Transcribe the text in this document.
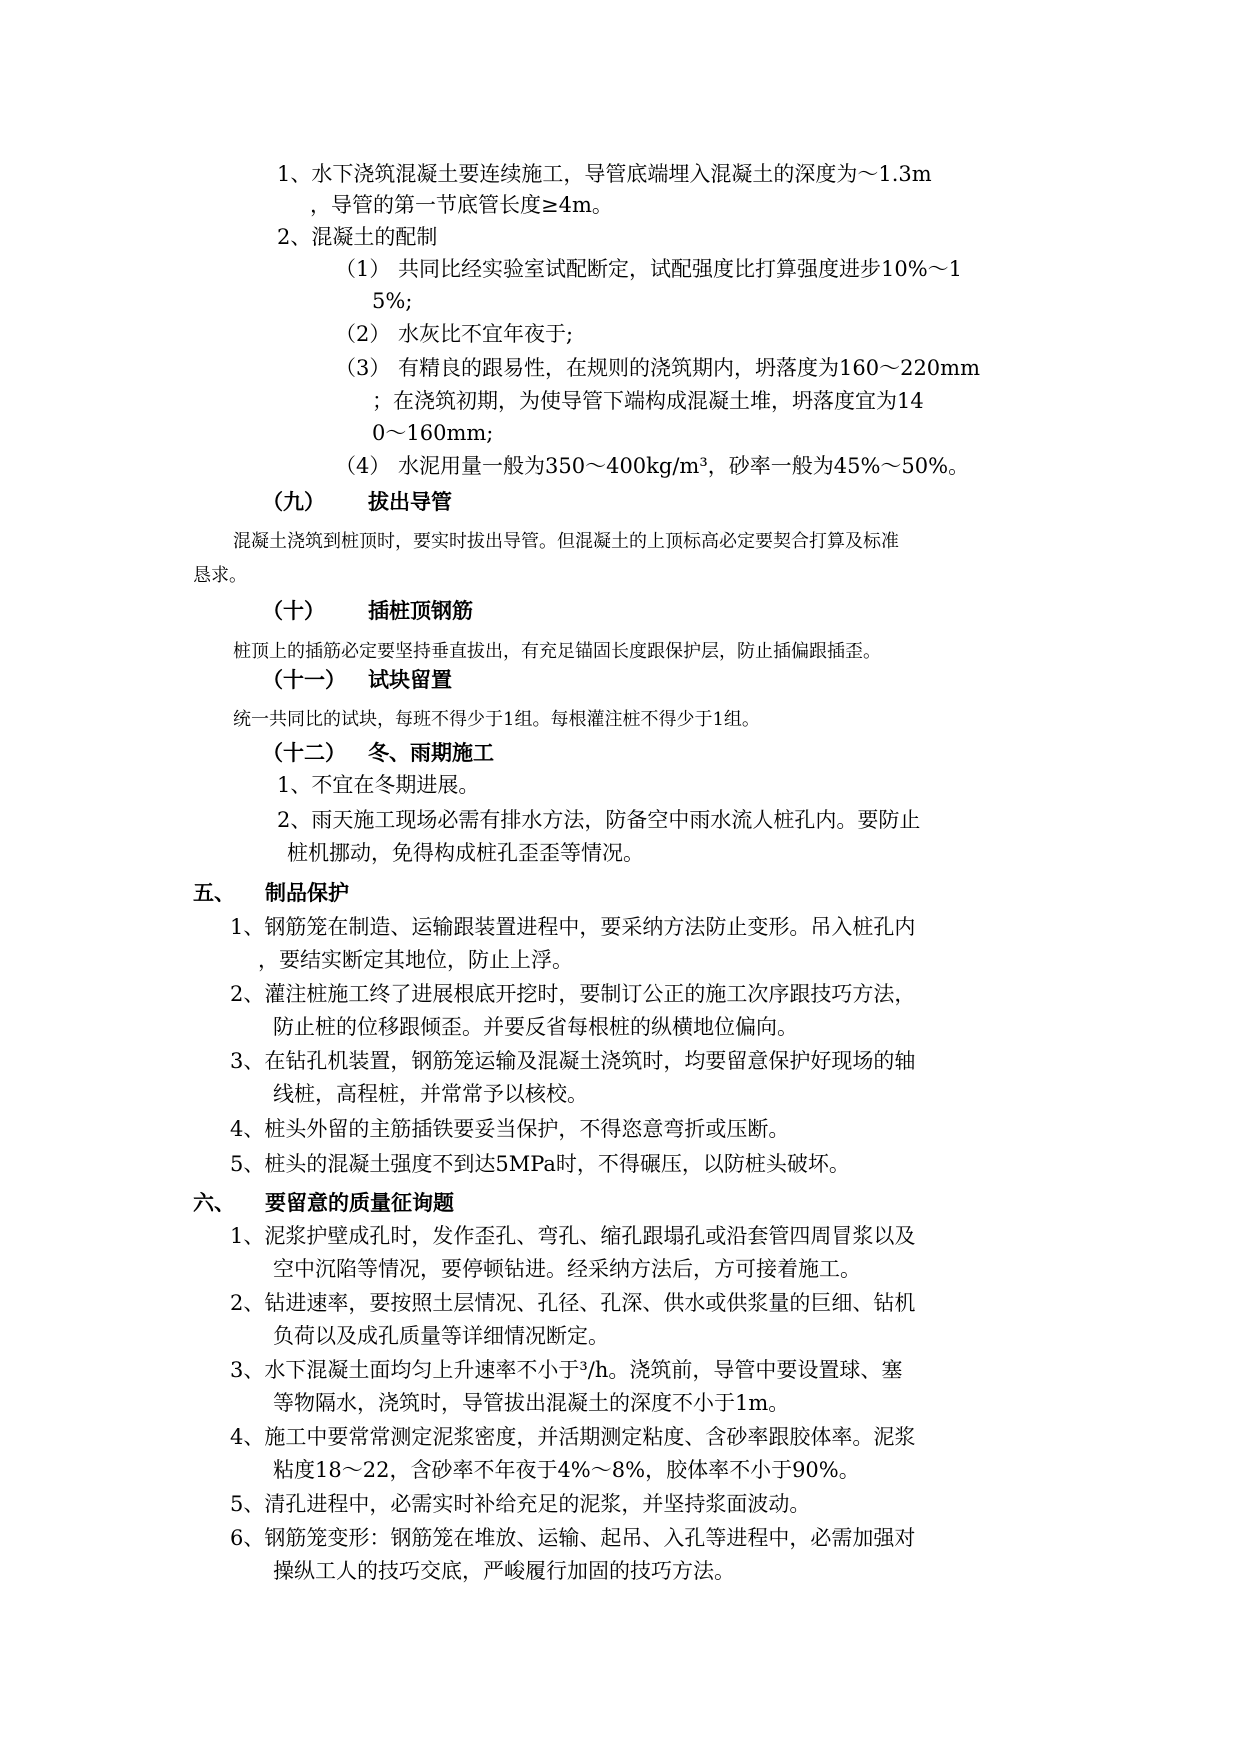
1、水下浇筑混凝土要连续施工，导管底端埋入混凝土的深度为～1.3m
，导管的第一节底管长度≥4m。
2、混凝土的配制
（1） 共同比经实验室试配断定，试配强度比打算强度进步10%～1
5%;
（2） 水灰比不宜年夜于;
（3） 有精良的跟易性，在规则的浇筑期内，坍落度为160～220mm
；在浇筑初期，为使导管下端构成混凝土堆，坍落度宜为14
0～160mm;
（4） 水泥用量一般为350～400kg/m³，砂率一般为45%～50%。
（九） 拔出导管
混凝土浇筑到桩顶时，要实时拔出导管。但混凝土的上顶标高必定要契合打算及标准
恳求。
（十） 插桩顶钢筋
桩顶上的插筋必定要坚持垂直拔出，有充足锚固长度跟保护层，防止插偏跟插歪。
（十一） 试块留置
统一共同比的试块，每班不得少于1组。每根灌注桩不得少于1组。
（十二） 冬、雨期施工
1、不宜在冬期进展。
2、雨天施工现场必需有排水方法，防备空中雨水流人桩孔内。要防止
桩机挪动，免得构成桩孔歪歪等情况。
五、 制品保护
1、钢筋笼在制造、运输跟装置进程中，要采纳方法防止变形。吊入桩孔内
，要结实断定其地位，防止上浮。
2、灌注桩施工终了进展根底开挖时，要制订公正的施工次序跟技巧方法，
防止桩的位移跟倾歪。并要反省每根桩的纵横地位偏向。
3、在钻孔机装置，钢筋笼运输及混凝土浇筑时，均要留意保护好现场的轴
线桩，高程桩，并常常予以核校。
4、桩头外留的主筋插铁要妥当保护，不得恣意弯折或压断。
5、桩头的混凝土强度不到达5MPa时，不得碾压，以防桩头破坏。
六、 要留意的质量征询题
1、泥浆护壁成孔时，发作歪孔、弯孔、缩孔跟塌孔或沿套管四周冒浆以及
空中沉陷等情况，要停顿钻进。经采纳方法后，方可接着施工。
2、钻进速率，要按照土层情况、孔径、孔深、供水或供浆量的巨细、钻机
负荷以及成孔质量等详细情况断定。
3、水下混凝土面均匀上升速率不小于³/h。浇筑前，导管中要设置球、塞
等物隔水，浇筑时，导管拔出混凝土的深度不小于1m。
4、施工中要常常测定泥浆密度，并活期测定粘度、含砂率跟胶体率。泥浆
粘度18～22，含砂率不年夜于4%～8%，胶体率不小于90%。
5、清孔进程中，必需实时补给充足的泥浆，并坚持浆面波动。
6、钢筋笼变形：钢筋笼在堆放、运输、起吊、入孔等进程中，必需加强对
操纵工人的技巧交底，严峻履行加固的技巧方法。
